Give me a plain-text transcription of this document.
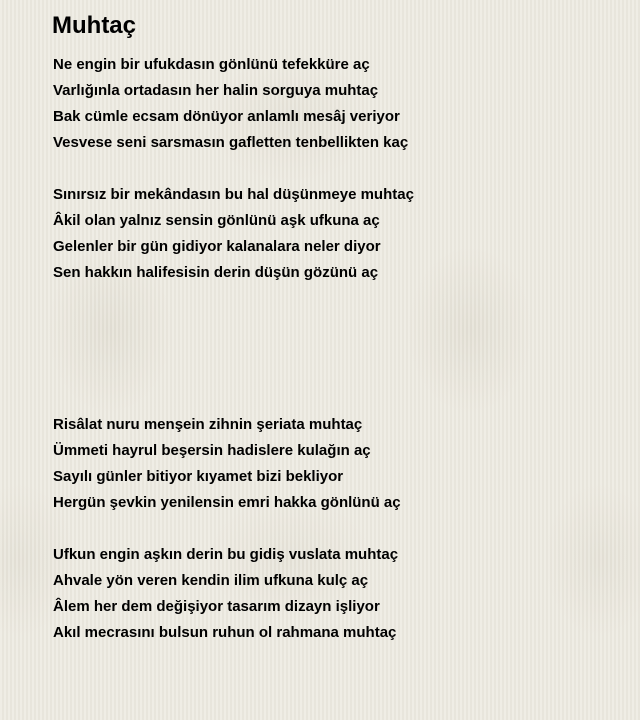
Muhtaç
Ne engin bir ufukdasın gönlünü tefekküre aç
Varlığınla ortadasın her halin sorguya muhtaç
Bak cümle ecsam dönüyor anlamlı mesâj veriyor
Vesvese seni sarsmasın gafletten tenbellikten kaç
Sınırsız bir mekândasın bu hal düşünmeye muhtaç
Âkil olan yalnız sensin gönlünü aşk ufkuna aç
Gelenler bir gün gidiyor kalanalara neler diyor
Sen hakkın halifesisin derin düşün gözünü aç
Risâlat nuru menşein zihnin şeriata muhtaç
Ümmeti hayrul beşersin hadislere kulağın aç
Sayılı günler bitiyor kıyamet bizi bekliyor
Hergün şevkin yenilensin emri hakka gönlünü aç
Ufkun engin aşkın derin bu gidiş vuslata muhtaç
Ahvale yön veren kendin ilim ufkuna kulç aç
Âlem her dem değişiyor tasarım dizayn işliyor
Akıl mecrasını bulsun ruhun ol rahmana muhtaç
